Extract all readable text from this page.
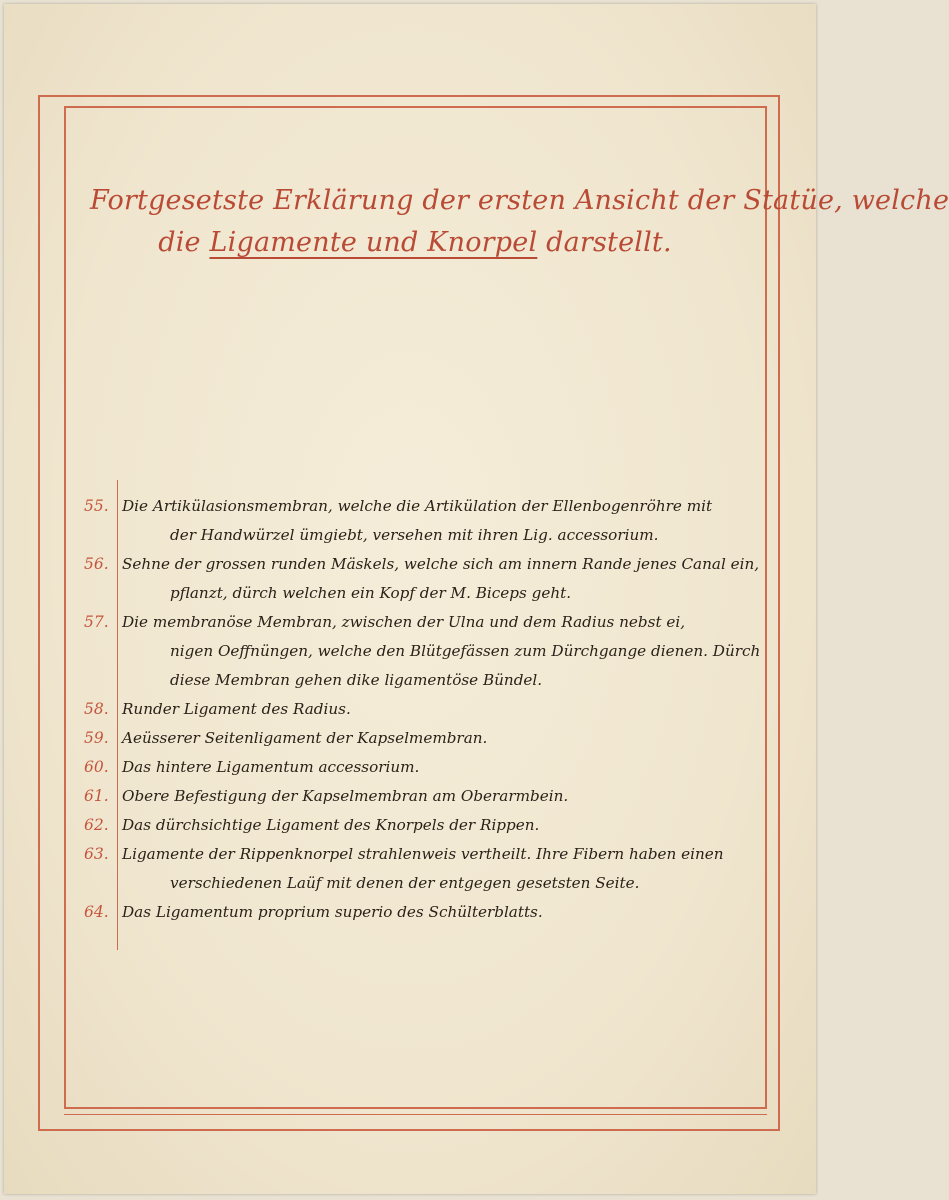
Fortgesetste Erklärung der ersten Ansicht der Statüe, welche
die Ligamente und Knorpel darstellt.
55. Die Artikülasionsmembran, welche die Artikülation der Ellenbogenröhre mit
der Handwürzel ümgiebt, versehen mit ihren Lig. accessorium.
56. Sehne der grossen runden Mäskels, welche sich am innern Rande jenes Canal ein,
pflanzt, dürch welchen ein Kopf der M. Biceps geht.
57. Die membranöse Membran, zwischen der Ulna und dem Radius nebst ei,
nigen Oeffnüngen, welche den Blütgefässen zum Dürchgange dienen. Dürch
diese Membran gehen dike ligamentöse Bündel.
58. Runder Ligament des Radius.
59. Aeüsserer Seitenligament der Kapselmembran.
60. Das hintere Ligamentum accessorium.
61. Obere Befestigung der Kapselmembran am Oberarmbein.
62. Das dürchsichtige Ligament des Knorpels der Rippen.
63. Ligamente der Rippenknorpel strahlenweis vertheilt. Ihre Fibern haben einen
verschiedenen Laüf mit denen der entgegen gesetsten Seite.
64. Das Ligamentum proprium superio des Schülterblatts.
